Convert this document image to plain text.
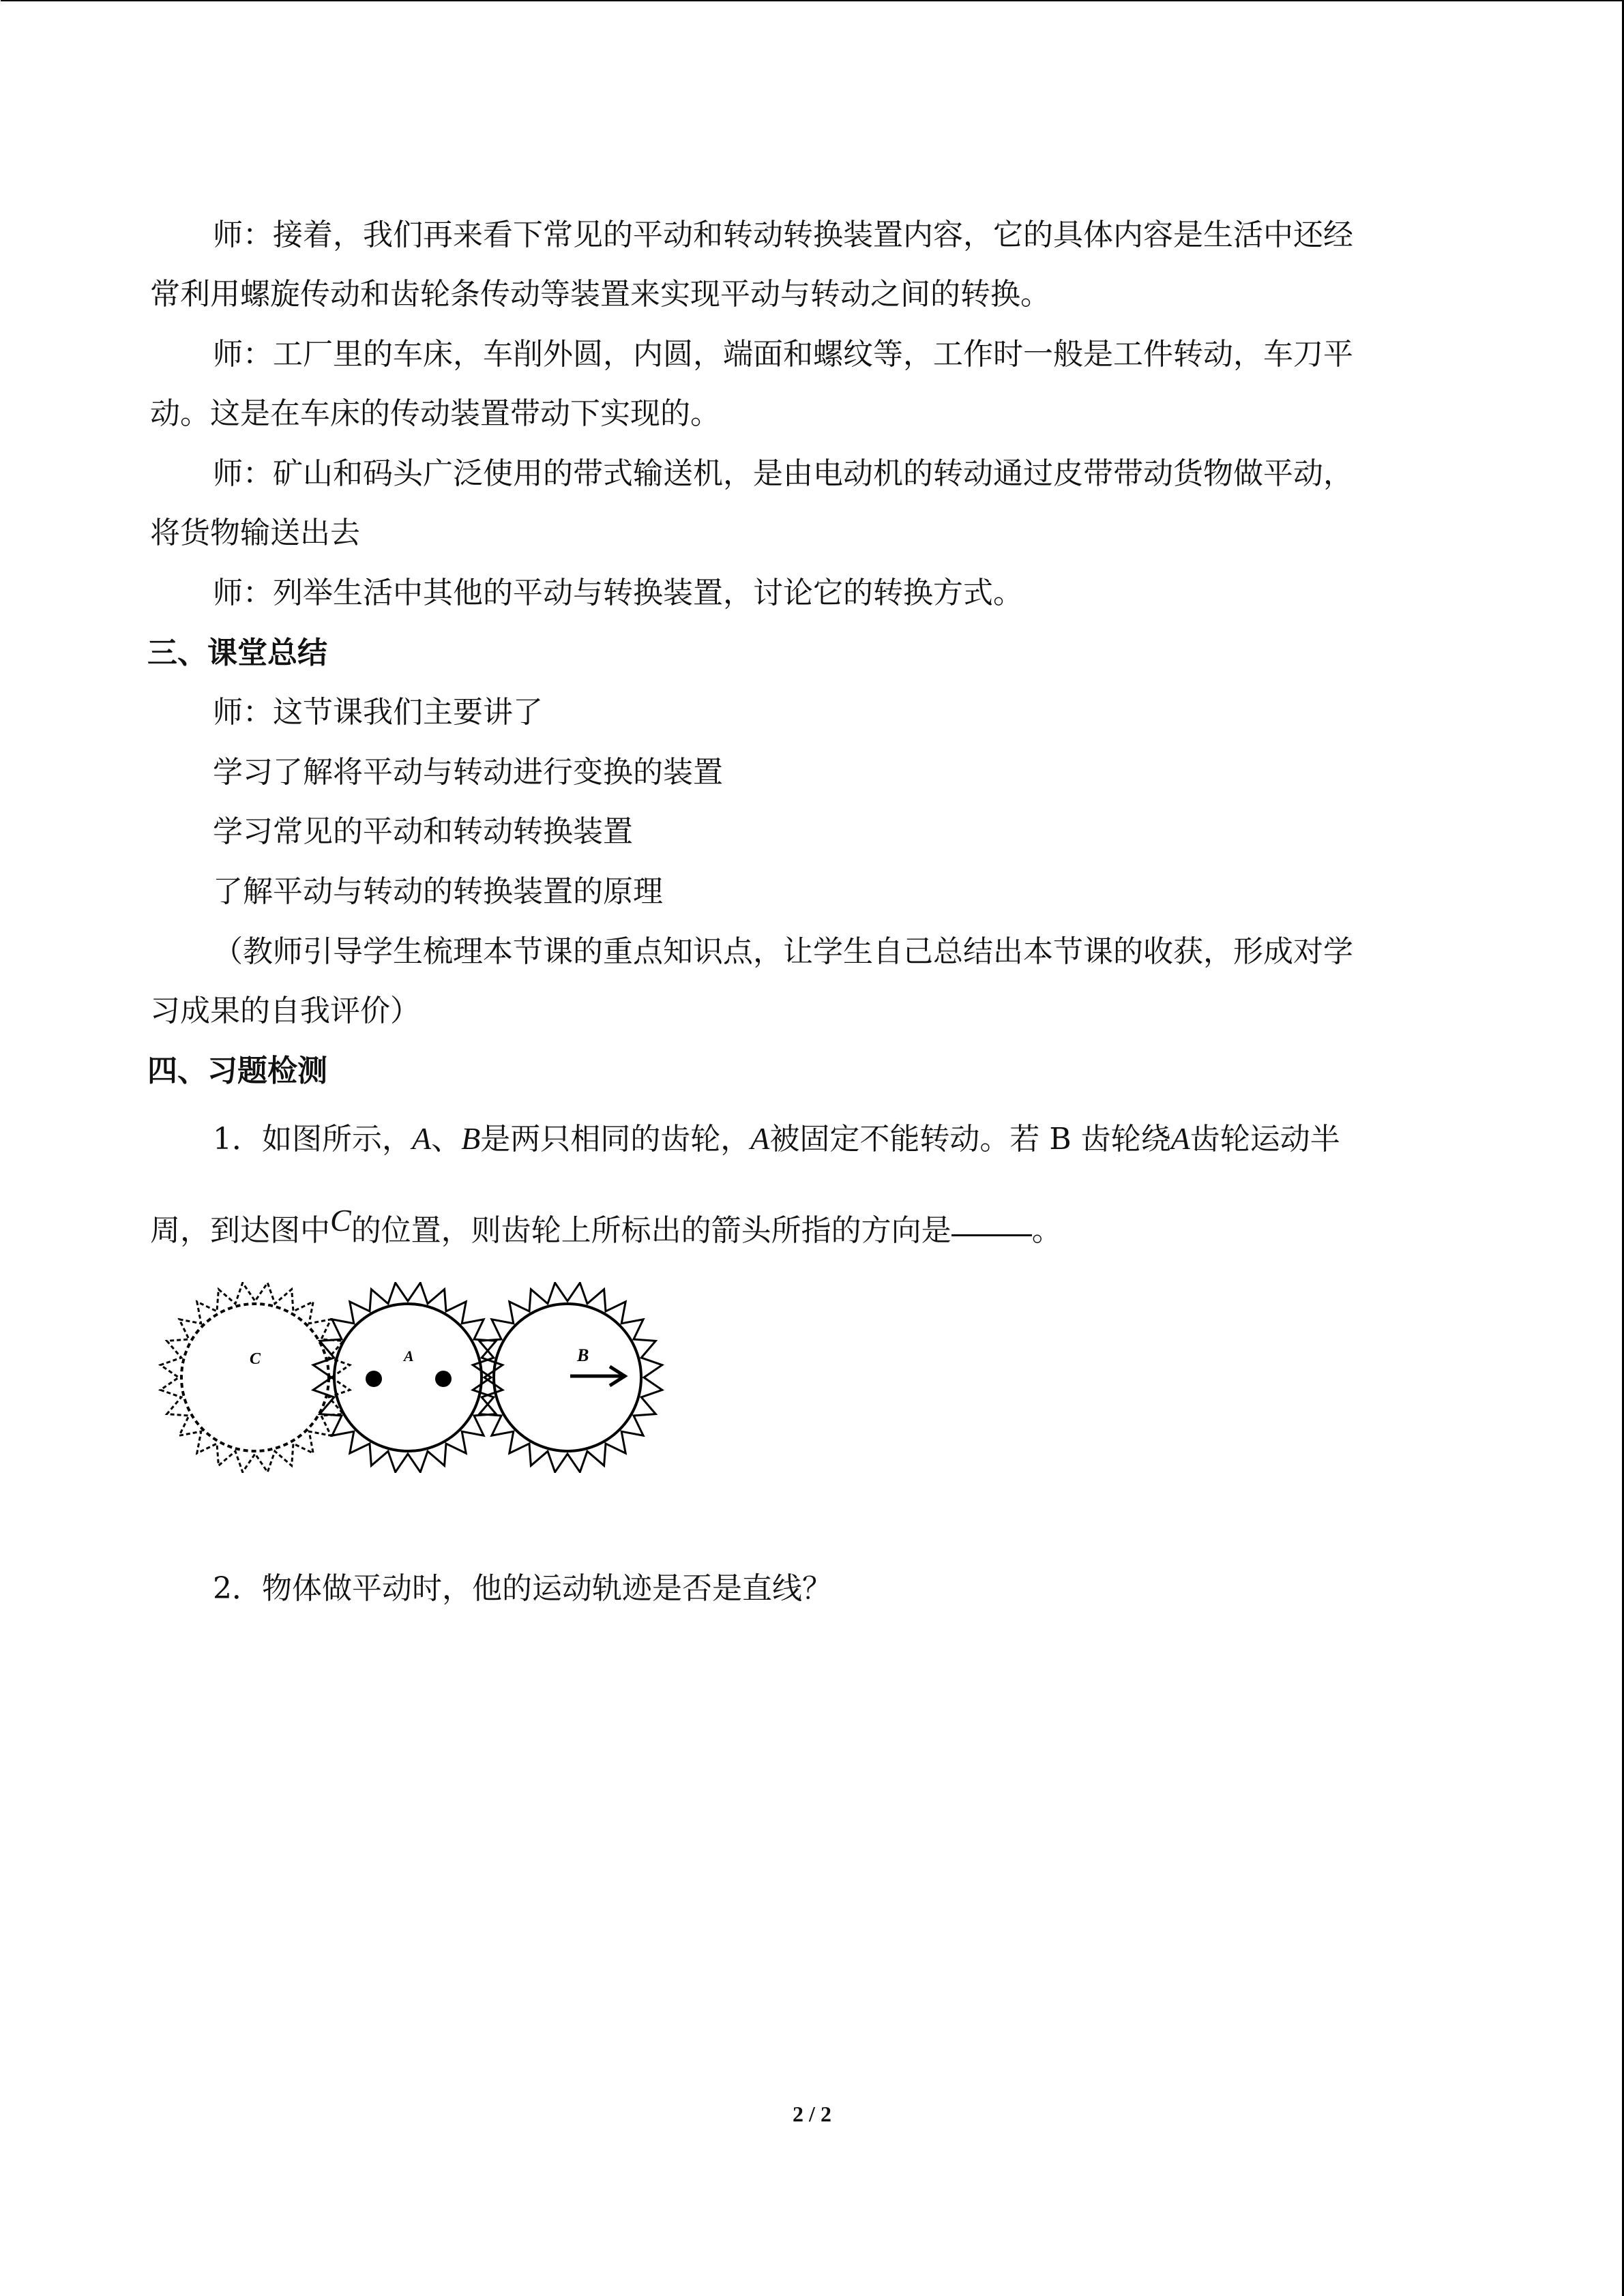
师：接着，我们再来看下常见的平动和转动转换装置内容，它的具体内容是生活中还经
常利用螺旋传动和齿轮条传动等装置来实现平动与转动之间的转换。
师：工厂里的车床，车削外圆，内圆，端面和螺纹等，工作时一般是工件转动，车刀平
动。这是在车床的传动装置带动下实现的。
师：矿山和码头广泛使用的带式输送机，是由电动机的转动通过皮带带动货物做平动，
将货物输送出去
师：列举生活中其他的平动与转换装置，讨论它的转换方式。
三、课堂总结
师：这节课我们主要讲了
学习了解将平动与转动进行变换的装置
学习常见的平动和转动转换装置
了解平动与转动的转换装置的原理
（教师引导学生梳理本节课的重点知识点，让学生自己总结出本节课的收获，形成对学
习成果的自我评价）
四、习题检测
1．如图所示，A、B是两只相同的齿轮，A被固定不能转动。若 B 齿轮绕A齿轮运动半
周，到达图中C的位置，则齿轮上所标出的箭头所指的方向是	。
C	A	B
2．物体做平动时，他的运动轨迹是否是直线？
2 / 2
